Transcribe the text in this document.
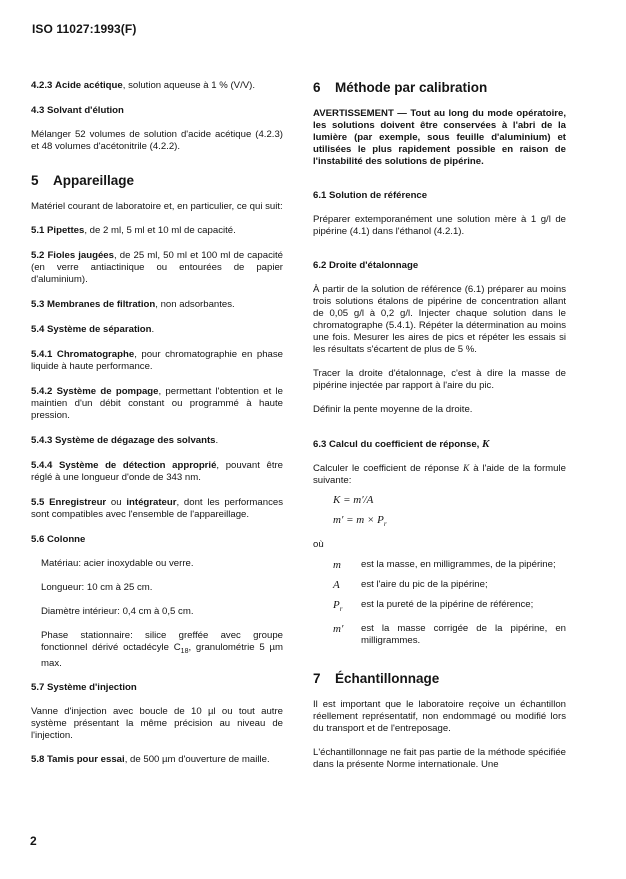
ISO 11027:1993(F)
4.2.3 Acide acétique, solution aqueuse à 1 % (V/V).
4.3 Solvant d'élution
Mélanger 52 volumes de solution d'acide acétique (4.2.3) et 48 volumes d'acétonitrile (4.2.2).
5 Appareillage
Matériel courant de laboratoire et, en particulier, ce qui suit:
5.1 Pipettes, de 2 ml, 5 ml et 10 ml de capacité.
5.2 Fioles jaugées, de 25 ml, 50 ml et 100 ml de capacité (en verre antiactinique ou entourées de papier d'aluminium).
5.3 Membranes de filtration, non adsorbantes.
5.4 Système de séparation.
5.4.1 Chromatographe, pour chromatographie en phase liquide à haute performance.
5.4.2 Système de pompage, permettant l'obtention et le maintien d'un débit constant ou programmé à haute pression.
5.4.3 Système de dégazage des solvants.
5.4.4 Système de détection approprié, pouvant être réglé à une longueur d'onde de 343 nm.
5.5 Enregistreur ou intégrateur, dont les performances sont compatibles avec l'ensemble de l'appareillage.
5.6 Colonne
Matériau: acier inoxydable ou verre.
Longueur: 10 cm à 25 cm.
Diamètre intérieur: 0,4 cm à 0,5 cm.
Phase stationnaire: silice greffée avec groupe fonctionnel dérivé octadécyle $C_{18}$, granulométrie 5 µm max.
5.7 Système d'injection
Vanne d'injection avec boucle de 10 µl ou tout autre système présentant la même précision au niveau de l'injection.
5.8 Tamis pour essai, de 500 µm d'ouverture de maille.
6 Méthode par calibration
AVERTISSEMENT — Tout au long du mode opératoire, les solutions doivent être conservées à l'abri de la lumière (par exemple, sous feuille d'aluminium) et utilisées le plus rapidement possible en raison de l'instabilité des solutions de pipérine.
6.1 Solution de référence
Préparer extemporanément une solution mère à 1 g/l de pipérine (4.1) dans l'éthanol (4.2.1).
6.2 Droite d'étalonnage
À partir de la solution de référence (6.1) préparer au moins trois solutions étalons de pipérine de concentration allant de 0,05 g/l à 0,2 g/l. Injecter chaque solution dans le chromatographe (5.4.1). Répéter la détermination au moins une fois. Mesurer les aires de pics et répéter les essais si les résultats s'écartent de plus de 5 %.
Tracer la droite d'étalonnage, c'est à dire la masse de pipérine injectée par rapport à l'aire du pic.
Définir la pente moyenne de la droite.
6.3 Calcul du coefficient de réponse, K
Calculer le coefficient de réponse K à l'aide de la formule suivante:
K = m′/A
$m' = m \times P_r$
où
m	est la masse, en milligrammes, de la pipérine;
A	est l'aire du pic de la pipérine;
$P_r$	est la pureté de la pipérine de référence;
m′	est la masse corrigée de la pipérine, en milligrammes.
7 Échantillonnage
Il est important que le laboratoire reçoive un échantillon réellement représentatif, non endommagé ou modifié lors du transport et de l'entreposage.
L'échantillonnage ne fait pas partie de la méthode spécifiée dans la présente Norme internationale. Une
2
